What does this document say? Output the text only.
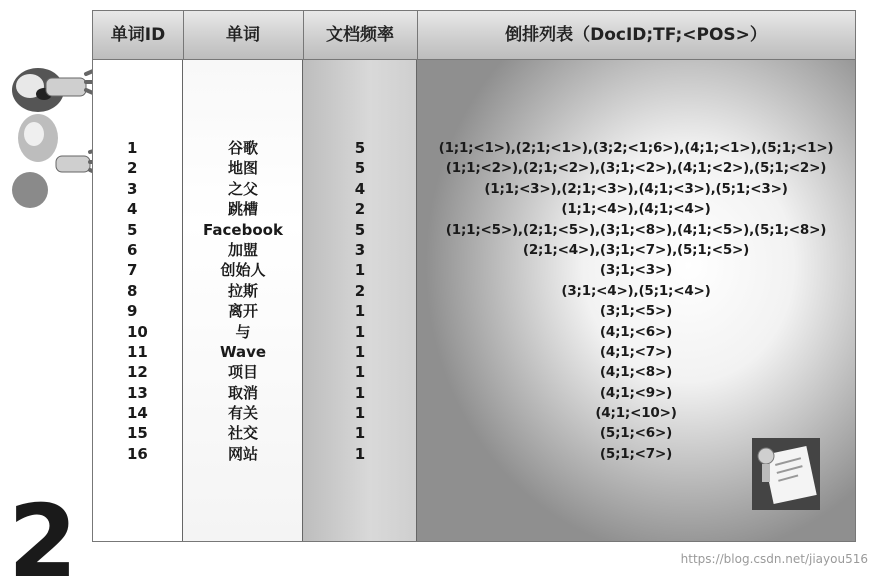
单词ID	单词	文档频率	倒排列表（DocID;TF;<POS>）
1	谷歌	5	(1;1;<1>),(2;1;<1>),(3;2;<1;6>),(4;1;<1>),(5;1;<1>)
2	地图	5	(1;1;<2>),(2;1;<2>),(3;1;<2>),(4;1;<2>),(5;1;<2>)
3	之父	4	(1;1;<3>),(2;1;<3>),(4;1;<3>),(5;1;<3>)
4	跳槽	2	(1;1;<4>),(4;1;<4>)
5	Facebook	5	(1;1;<5>),(2;1;<5>),(3;1;<8>),(4;1;<5>),(5;1;<8>)
6	加盟	3	(2;1;<4>),(3;1;<7>),(5;1;<5>)
7	创始人	1	(3;1;<3>)
8	拉斯	2	(3;1;<4>),(5;1;<4>)
9	离开	1	(3;1;<5>)
10	与	1	(4;1;<6>)
11	Wave	1	(4;1;<7>)
12	项目	1	(4;1;<8>)
13	取消	1	(4;1;<9>)
14	有关	1	(4;1;<10>)
15	社交	1	(5;1;<6>)
16	网站	1	(5;1;<7>)
2	https://blog.csdn.net/jiayou516
